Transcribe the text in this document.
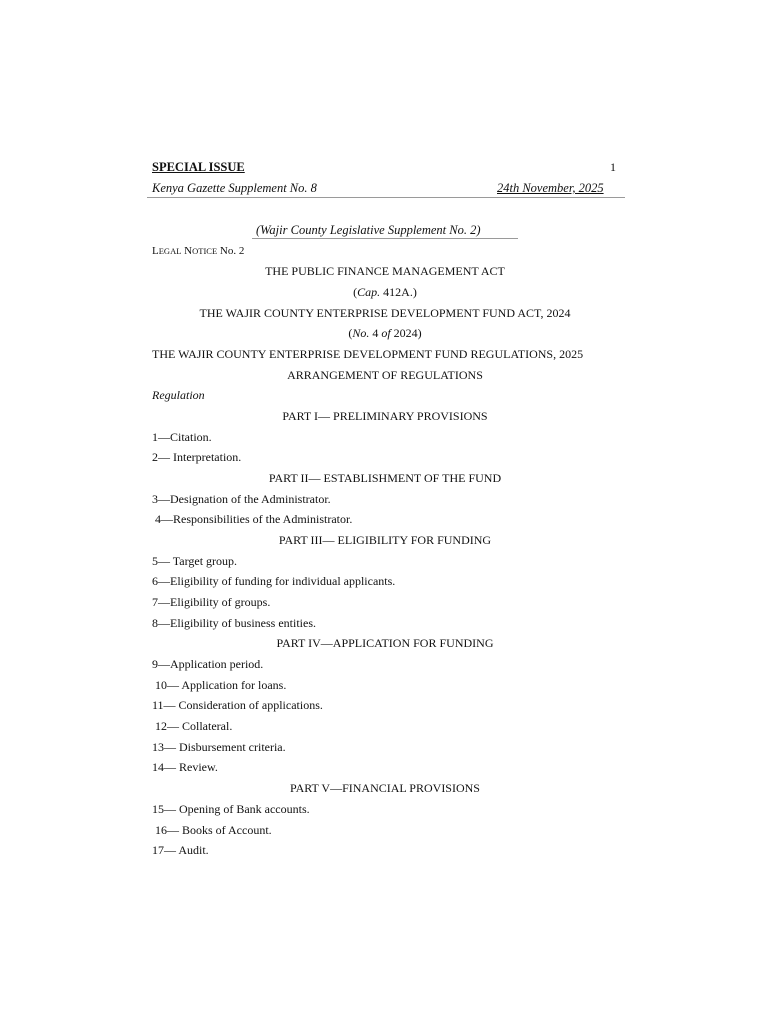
SPECIAL ISSUE	1
Kenya Gazette Supplement No. 8	24th November, 2025
(Wajir County Legislative Supplement No. 2)
LEGAL NOTICE No. 2
THE PUBLIC FINANCE MANAGEMENT ACT
(Cap. 412A.)
THE WAJIR COUNTY ENTERPRISE DEVELOPMENT FUND ACT, 2024
(No. 4 of 2024)
THE WAJIR COUNTY ENTERPRISE DEVELOPMENT FUND REGULATIONS, 2025
ARRANGEMENT OF REGULATIONS
Regulation
PART I— PRELIMINARY PROVISIONS
1—Citation.
2— Interpretation.
PART II— ESTABLISHMENT OF THE FUND
3—Designation of the Administrator.
4—Responsibilities of the Administrator.
PART III— ELIGIBILITY FOR FUNDING
5— Target group.
6—Eligibility of funding for individual applicants.
7—Eligibility of groups.
8—Eligibility of business entities.
PART IV—APPLICATION FOR FUNDING
9—Application period.
10— Application for loans.
11— Consideration of applications.
12— Collateral.
13— Disbursement criteria.
14— Review.
PART V—FINANCIAL PROVISIONS
15— Opening of Bank accounts.
16— Books of Account.
17— Audit.
